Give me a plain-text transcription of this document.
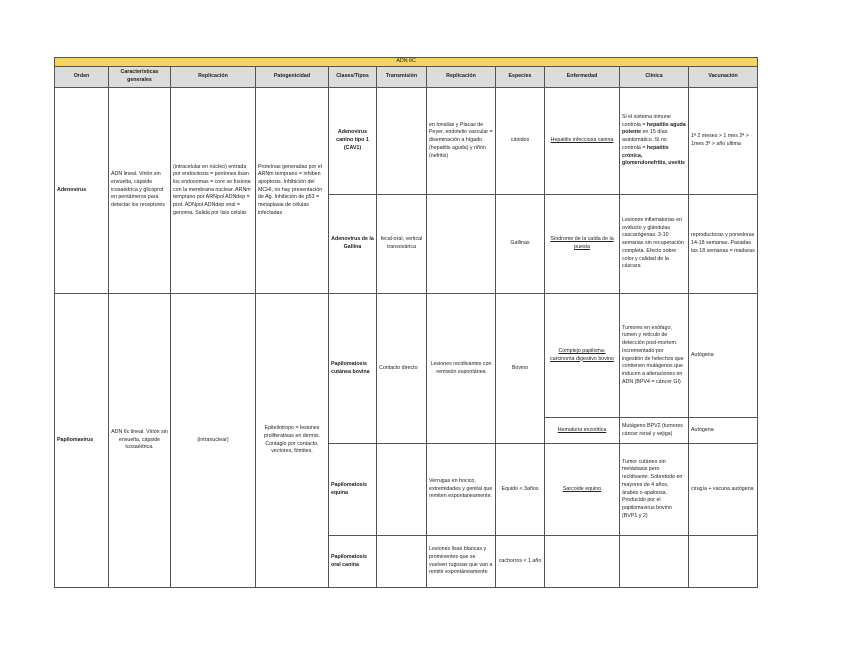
ADN 6C										
Orden	Características generales	Replicación	Patogenicidad	Clases/Tipos	Transmisión	Replicación	Especies	Enfermedad	Clínica	Vacunación
Adenovirus	ADN lineal. Virión sin envuelta, cápside icosaédrica y glicoprot en pentámeros para detectar los receptores	(intracelular en núcleo) entrada por endocitosis = pentones lisan los endosomas = core se fusiona con la membrana nuclear. ARNm temprano por ARNpol ADNdep = prot. ADNpol ADNdep viral = genoma. Salida por lisis celular.	Proteínas generadas por el ARNm temprano = inhiben apoptosis. Inhibición del MCHI, no hay presentación de Ag. Inhibición de p53 = metaplasia de células infectadas	Adenovirus canino tipo 1 (CAV1)		en tonsilas y Placas de Peyer, endotelio vascular = diseminación a hígado (hepatitis aguda) y riñón (nefritis)	cánidos	Hepatitis infecciosa canina	Si el sistema inmune controla = hepatitis aguda potente en 15 días asintomático. Si no controla = hepatitis crónica, glomerulonefritis, uveitis	1ª 2 meses > 1 mes 2ª > 1mes 3ª > año ultima
				Adenovirus de la Gallina	fecal-oral, vertical transovárica		Gallinas	Síndrome de la caída de la puesta	Lesiones inflamatorias en oviducto y glándulas cascarógenas. 3-10 semanas sin recuperación completa. Efecto sobre color y calidad de la cáscara	reproductoras y ponedoras 14-18 semanas. Pasadas las 18 semanas = maduras
Papilomavirus	ADN 6c lineal. Virión sin envuelta, cápside icosaédrica.	(intranuclear)	Epiteliotropo = lesiones proliferativas en dermis. Contagio por contacto, vectores, fómites.	Papilomatosis cutánea bovina	Contacto directo	Lesiones recidivantes con remisión espontánea	Bovino	Complejo papiloma-carcinoma digestivo bovino	Tumores en esófago, rumen y retículo de detección post-mortem. Incrementado por ingestión de helechos que contienen mutágenos que inducen a alteraciones en ADN (BPV4 = cáncer GI)	Autógena
								Hematuria enzoótica	Mutágeno BPV2 (tumores cáncer renal y vejiga)	Autógena
				Papilomatosis equina		Verrugas en hocico, extremidades y genital que remiten espontaneamente.	Equido < 3años	Sarcoide equino	Tumor cutáneo sin metástasis pero recidivante. Sobretodo en mayores de 4 años, árabes o apaloosa. Producido por el papilomavirus bovino (BVP1 y 2)	cirugía + vacuna autógena
				Papilomatosis oral canina		Lesiones lisas blancas y prominentes que se vuelven rugosas que van a remitir espontáneamente	cachorros < 1 año			
